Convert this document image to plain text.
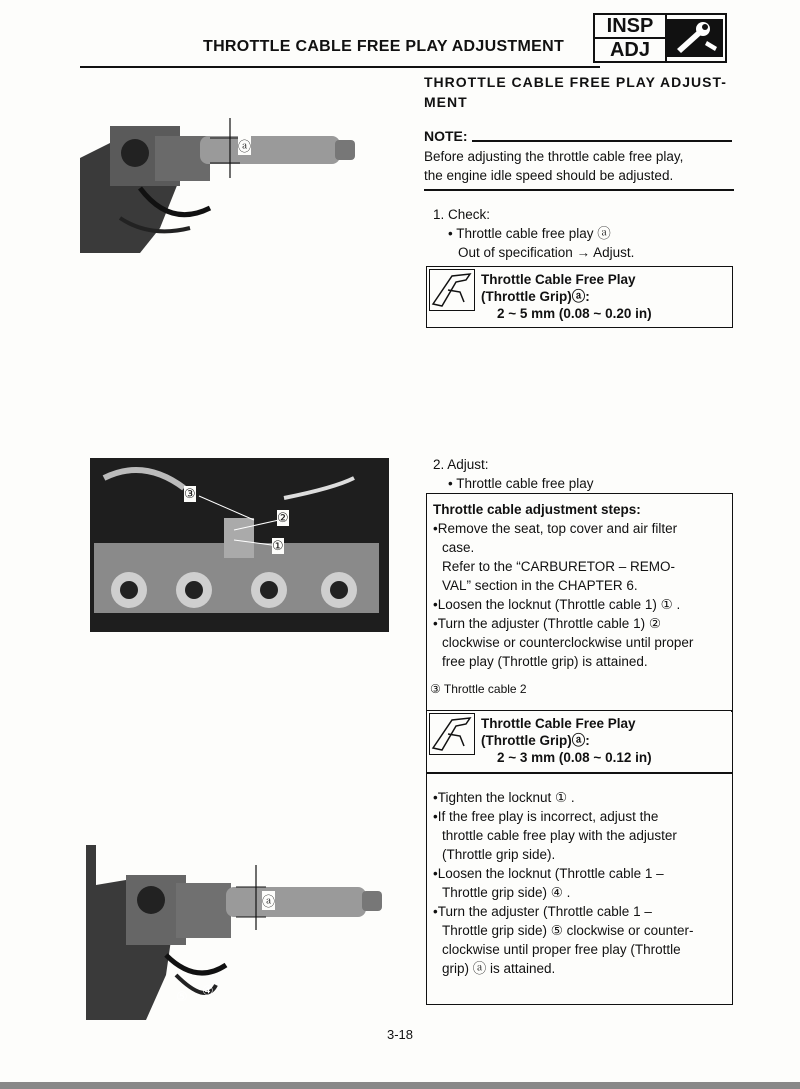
THROTTLE CABLE FREE PLAY ADJUSTMENT
INSP
ADJ
ⓐ
THROTTLE CABLE FREE PLAY ADJUST-
MENT
NOTE:
Before adjusting the throttle cable free play,
the engine idle speed should be adjusted.
1. Check:
• Throttle cable free play ⓐ
Out of specification → Adjust.
Throttle Cable Free Play
(Throttle Grip)ⓐ:
2 ~ 5 mm (0.08 ~ 0.20 in)
③
②
①
2. Adjust:
• Throttle cable free play
Throttle cable adjustment steps:
•Remove the seat, top cover and air filter
case.
Refer to the “CARBURETOR – REMO-
VAL” section in the CHAPTER 6.
•Loosen the locknut (Throttle cable 1) ① .
•Turn the adjuster (Throttle cable 1) ②
clockwise or counterclockwise until proper
free play (Throttle grip) is attained.
③ Throttle cable 2
Throttle Cable Free Play
(Throttle Grip)ⓐ:
2 ~ 3 mm (0.08 ~ 0.12 in)
•Tighten the locknut ① .
•If the free play is incorrect, adjust the
throttle cable free play with the adjuster
(Throttle grip side).
•Loosen the locknut (Throttle cable 1 –
Throttle grip side) ④ .
•Turn the adjuster (Throttle cable 1 –
Throttle grip side) ⑤ clockwise or counter-
clockwise until proper free play (Throttle
grip) ⓐ is attained.
ⓐ
⑤ ④
3-18
